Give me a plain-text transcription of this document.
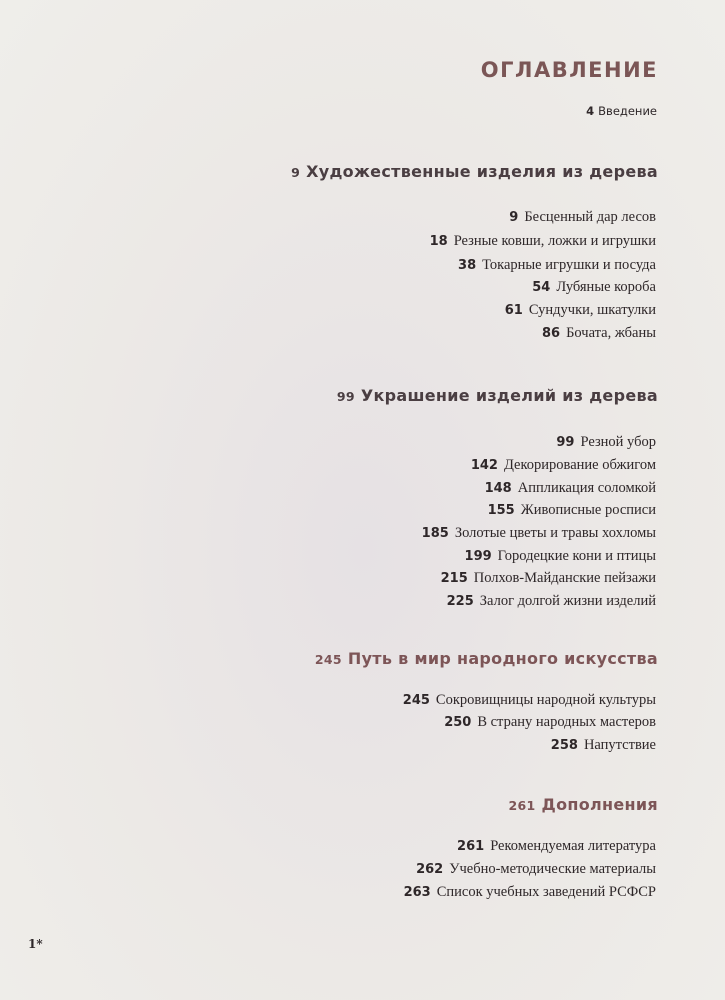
ОГЛАВЛЕНИЕ
4 Введение
9 Художественные изделия из дерева
9 Бесценный дар лесов
18 Резные ковши, ложки и игрушки
38 Токарные игрушки и посуда
54 Лубяные короба
61 Сундучки, шкатулки
86 Бочата, жбаны
99 Украшение изделий из дерева
99 Резной убор
142 Декорирование обжигом
148 Аппликация соломкой
155 Живописные росписи
185 Золотые цветы и травы хохломы
199 Городецкие кони и птицы
215 Полхов-Майданские пейзажи
225 Залог долгой жизни изделий
245 Путь в мир народного искусства
245 Сокровищницы народной культуры
250 В страну народных мастеров
258 Напутствие
261 Дополнения
261 Рекомендуемая литература
262 Учебно-методические материалы
263 Список учебных заведений РСФСР
1*
